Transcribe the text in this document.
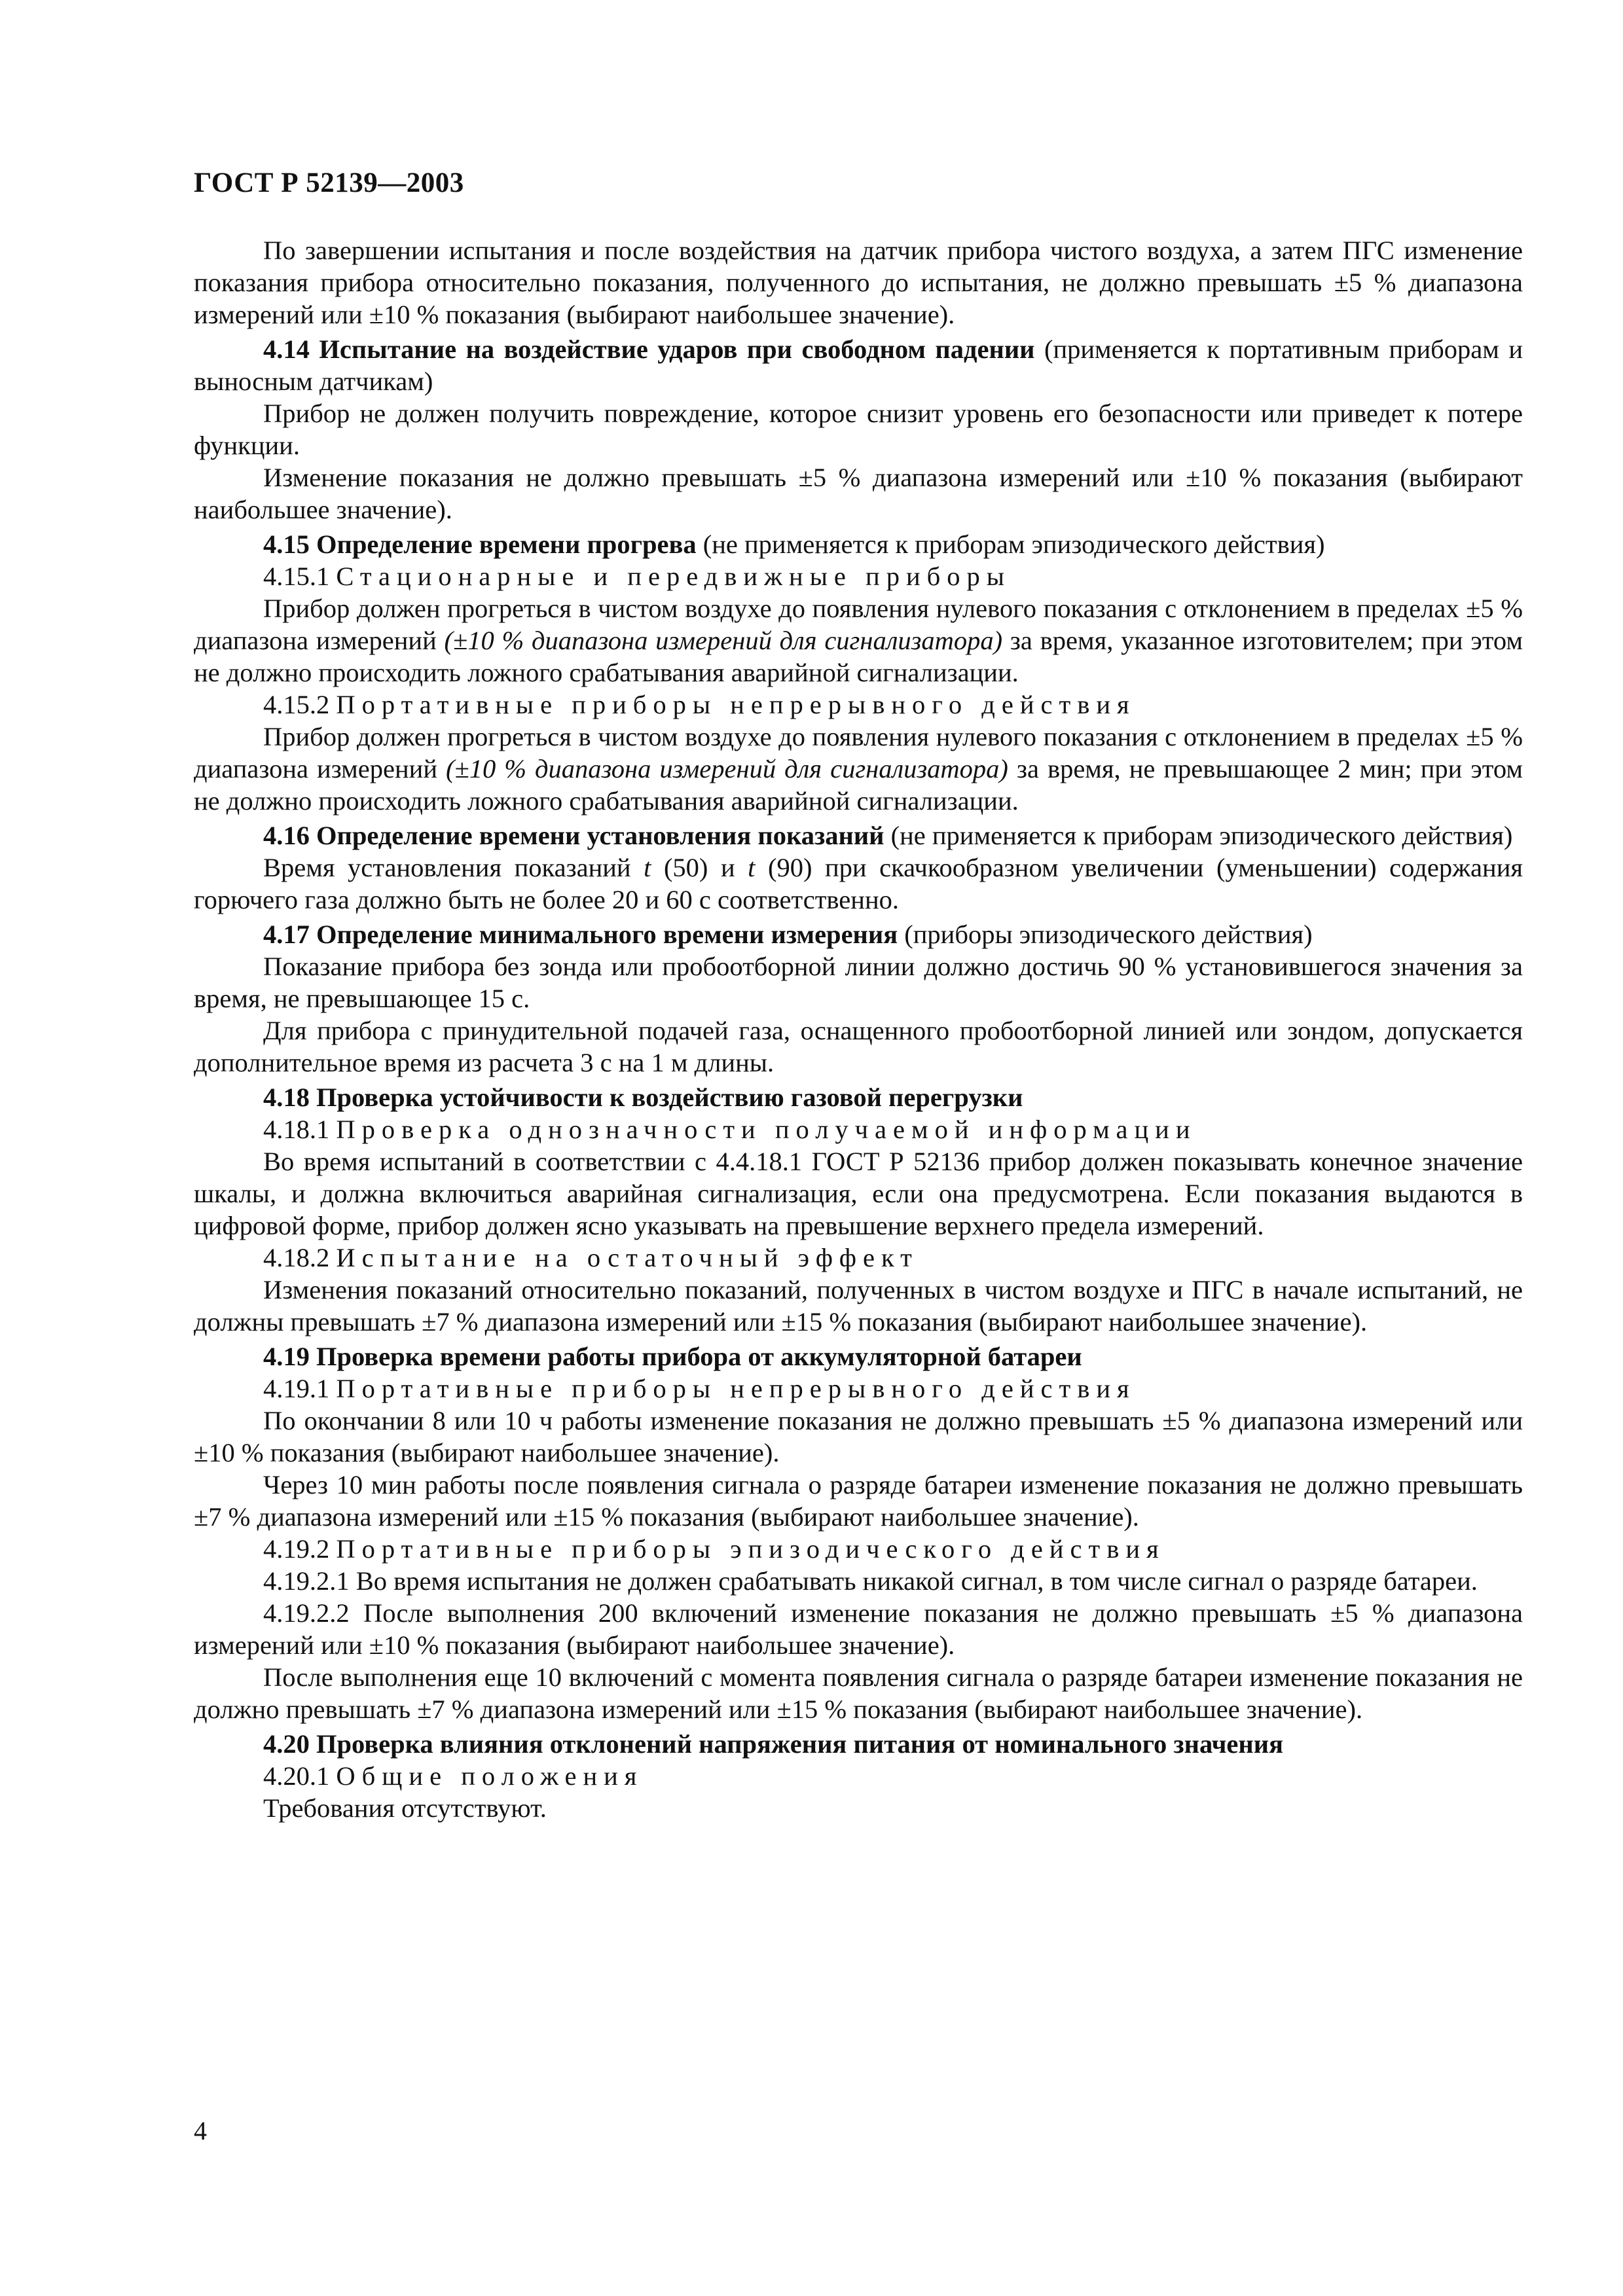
ГОСТ Р 52139—2003

По завершении испытания и после воздействия на датчик прибора чистого воздуха, а затем ПГС изменение показания прибора относительно показания, полученного до испытания, не должно превышать ±5 % диапазона измерений или ±10 % показания (выбирают наибольшее значение).

4.14 Испытание на воздействие ударов при свободном падении (применяется к портативным приборам и выносным датчикам)

Прибор не должен получить повреждение, которое снизит уровень его безопасности или приведет к потере функции.

Изменение показания не должно превышать ±5 % диапазона измерений или ±10 % показания (выбирают наибольшее значение).

4.15 Определение времени прогрева (не применяется к приборам эпизодического действия)

4.15.1 Стационарные и передвижные приборы

Прибор должен прогреться в чистом воздухе до появления нулевого показания с отклонением в пределах ±5 % диапазона измерений (±10 % диапазона измерений для сигнализатора) за время, указанное изготовителем; при этом не должно происходить ложного срабатывания аварийной сигнализации.

4.15.2 Портативные приборы непрерывного действия

Прибор должен прогреться в чистом воздухе до появления нулевого показания с отклонением в пределах ±5 % диапазона измерений (±10 % диапазона измерений для сигнализатора) за время, не превышающее 2 мин; при этом не должно происходить ложного срабатывания аварийной сигнализации.

4.16 Определение времени установления показаний (не применяется к приборам эпизодического действия)

Время установления показаний t (50) и t (90) при скачкообразном увеличении (уменьшении) содержания горючего газа должно быть не более 20 и 60 с соответственно.

4.17 Определение минимального времени измерения (приборы эпизодического действия)

Показание прибора без зонда или пробоотборной линии должно достичь 90 % установившегося значения за время, не превышающее 15 с.

Для прибора с принудительной подачей газа, оснащенного пробоотборной линией или зондом, допускается дополнительное время из расчета 3 с на 1 м длины.

4.18 Проверка устойчивости к воздействию газовой перегрузки

4.18.1 Проверка однозначности получаемой информации

Во время испытаний в соответствии с 4.4.18.1 ГОСТ Р 52136 прибор должен показывать конечное значение шкалы, и должна включиться аварийная сигнализация, если она предусмотрена. Если показания выдаются в цифровой форме, прибор должен ясно указывать на превышение верхнего предела измерений.

4.18.2 Испытание на остаточный эффект

Изменения показаний относительно показаний, полученных в чистом воздухе и ПГС в начале испытаний, не должны превышать ±7 % диапазона измерений или ±15 % показания (выбирают наибольшее значение).

4.19 Проверка времени работы прибора от аккумуляторной батареи

4.19.1 Портативные приборы непрерывного действия

По окончании 8 или 10 ч работы изменение показания не должно превышать ±5 % диапазона измерений или ±10 % показания (выбирают наибольшее значение).

Через 10 мин работы после появления сигнала о разряде батареи изменение показания не должно превышать ±7 % диапазона измерений или ±15 % показания (выбирают наибольшее значение).

4.19.2 Портативные приборы эпизодического действия

4.19.2.1 Во время испытания не должен срабатывать никакой сигнал, в том числе сигнал о разряде батареи.

4.19.2.2 После выполнения 200 включений изменение показания не должно превышать ±5 % диапазона измерений или ±10 % показания (выбирают наибольшее значение).

После выполнения еще 10 включений с момента появления сигнала о разряде батареи изменение показания не должно превышать ±7 % диапазона измерений или ±15 % показания (выбирают наибольшее значение).

4.20 Проверка влияния отклонений напряжения питания от номинального значения

4.20.1 Общие положения

Требования отсутствуют.

4
